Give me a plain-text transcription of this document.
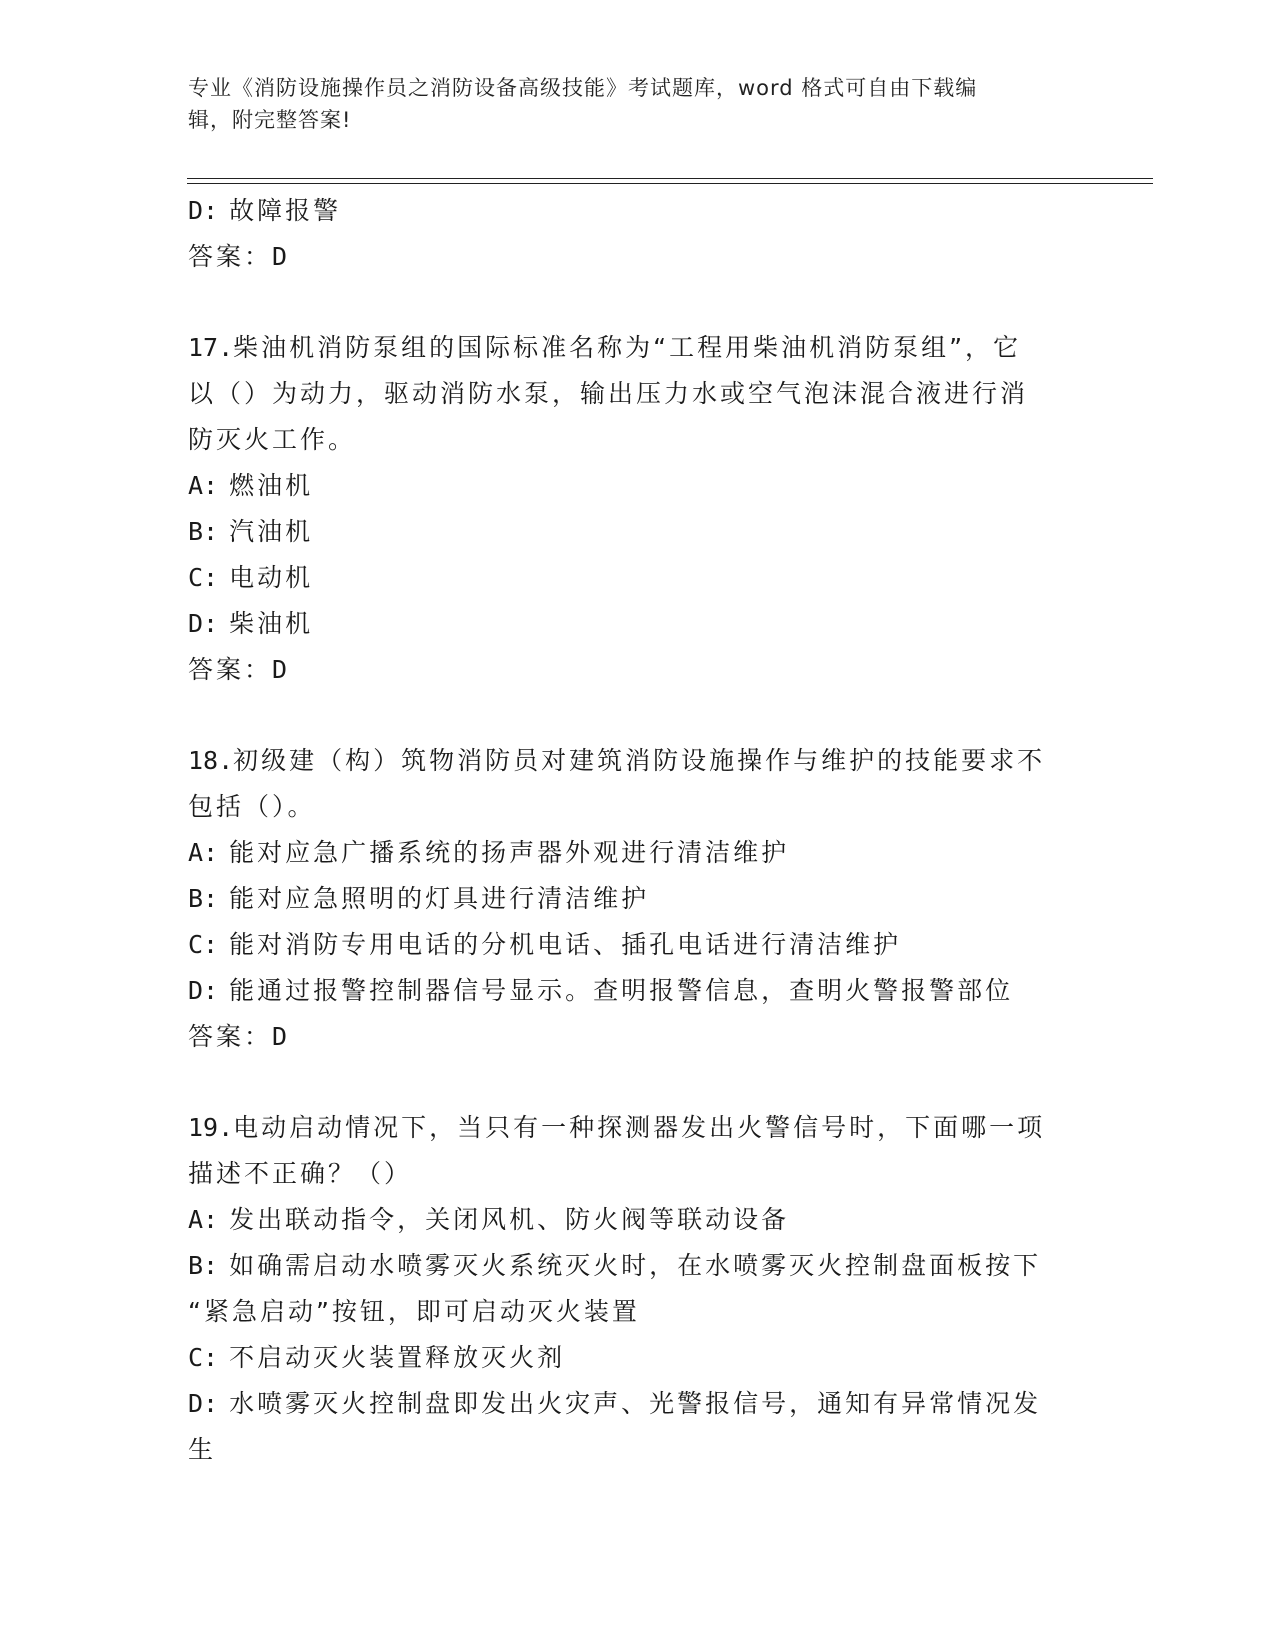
专业《消防设施操作员之消防设备高级技能》考试题库，word 格式可自由下载编
辑，附完整答案!
D: 故障报警
答案：D
17.柴油机消防泵组的国际标准名称为“工程用柴油机消防泵组”，它
以（）为动力，驱动消防水泵，输出压力水或空气泡沫混合液进行消
防灭火工作。
A: 燃油机
B: 汽油机
C: 电动机
D: 柴油机
答案：D
18.初级建（构）筑物消防员对建筑消防设施操作与维护的技能要求不
包括（）。
A: 能对应急广播系统的扬声器外观进行清洁维护
B: 能对应急照明的灯具进行清洁维护
C: 能对消防专用电话的分机电话、插孔电话进行清洁维护
D: 能通过报警控制器信号显示。查明报警信息，查明火警报警部位
答案：D
19.电动启动情况下，当只有一种探测器发出火警信号时，下面哪一项
描述不正确？（）
A: 发出联动指令，关闭风机、防火阀等联动设备
B: 如确需启动水喷雾灭火系统灭火时，在水喷雾灭火控制盘面板按下
“紧急启动”按钮，即可启动灭火装置
C: 不启动灭火装置释放灭火剂
D: 水喷雾灭火控制盘即发出火灾声、光警报信号，通知有异常情况发
生
